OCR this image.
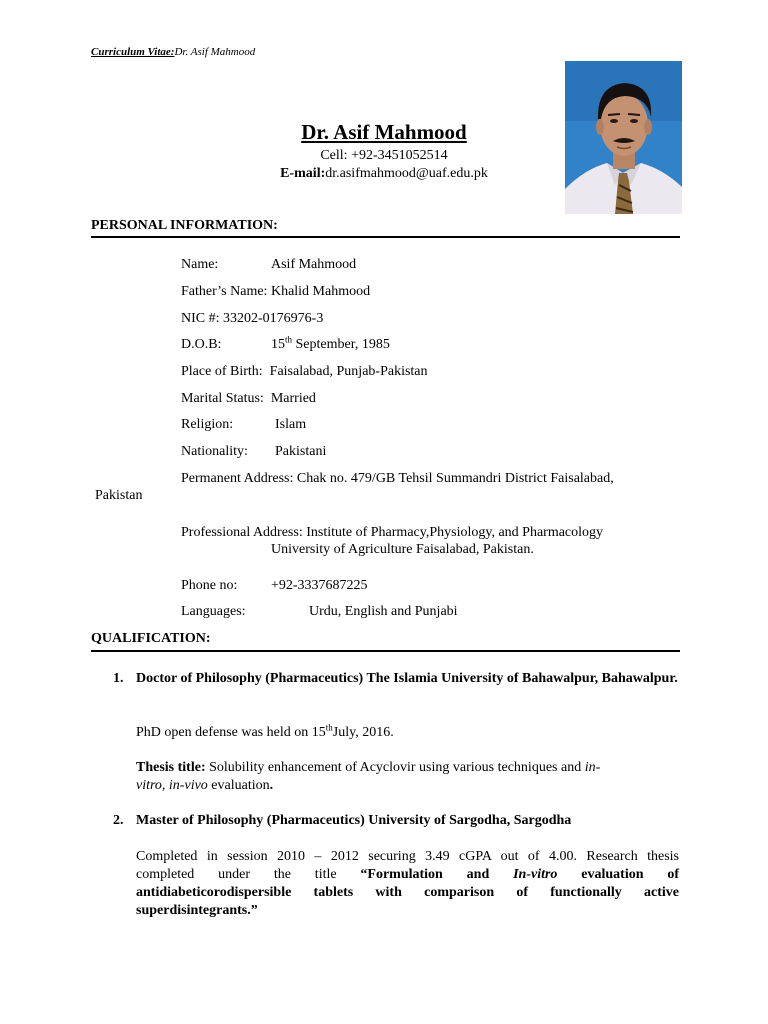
Curriculum Vitae:Dr. Asif Mahmood
Dr. Asif Mahmood
Cell: +92-3451052514
E-mail:dr.asifmahmood@uaf.edu.pk
PERSONAL INFORMATION:
Name:	Asif Mahmood
Father’s Name: Khalid Mahmood
NIC #: 33202-0176976-3
D.O.B:	15th September, 1985
Place of Birth: Faisalabad, Punjab-Pakistan
Marital Status: Married
Religion:	Islam
Nationality: Pakistani
Permanent Address: Chak no. 479/GB Tehsil Summandri District Faisalabad,
Pakistan
Professional Address: Institute of Pharmacy,Physiology, and Pharmacology
University of Agriculture Faisalabad, Pakistan.
Phone no: +92-3337687225
Languages:	Urdu, English and Punjabi
QUALIFICATION:
1. Doctor of Philosophy (Pharmaceutics) The Islamia University of Bahawalpur, Bahawalpur.
PhD open defense was held on 15thJuly, 2016.
Thesis title: Solubility enhancement of Acyclovir using various techniques and in-
vitro, in-vivo evaluation.
2. Master of Philosophy (Pharmaceutics) University of Sargodha, Sargodha
Completed in session 2010 – 2012 securing 3.49 cGPA out of 4.00. Research thesis
completed under the title “Formulation and In-vitro evaluation of
antidiabeticorodispersible tablets with comparison of functionally active
superdisintegrants.”
